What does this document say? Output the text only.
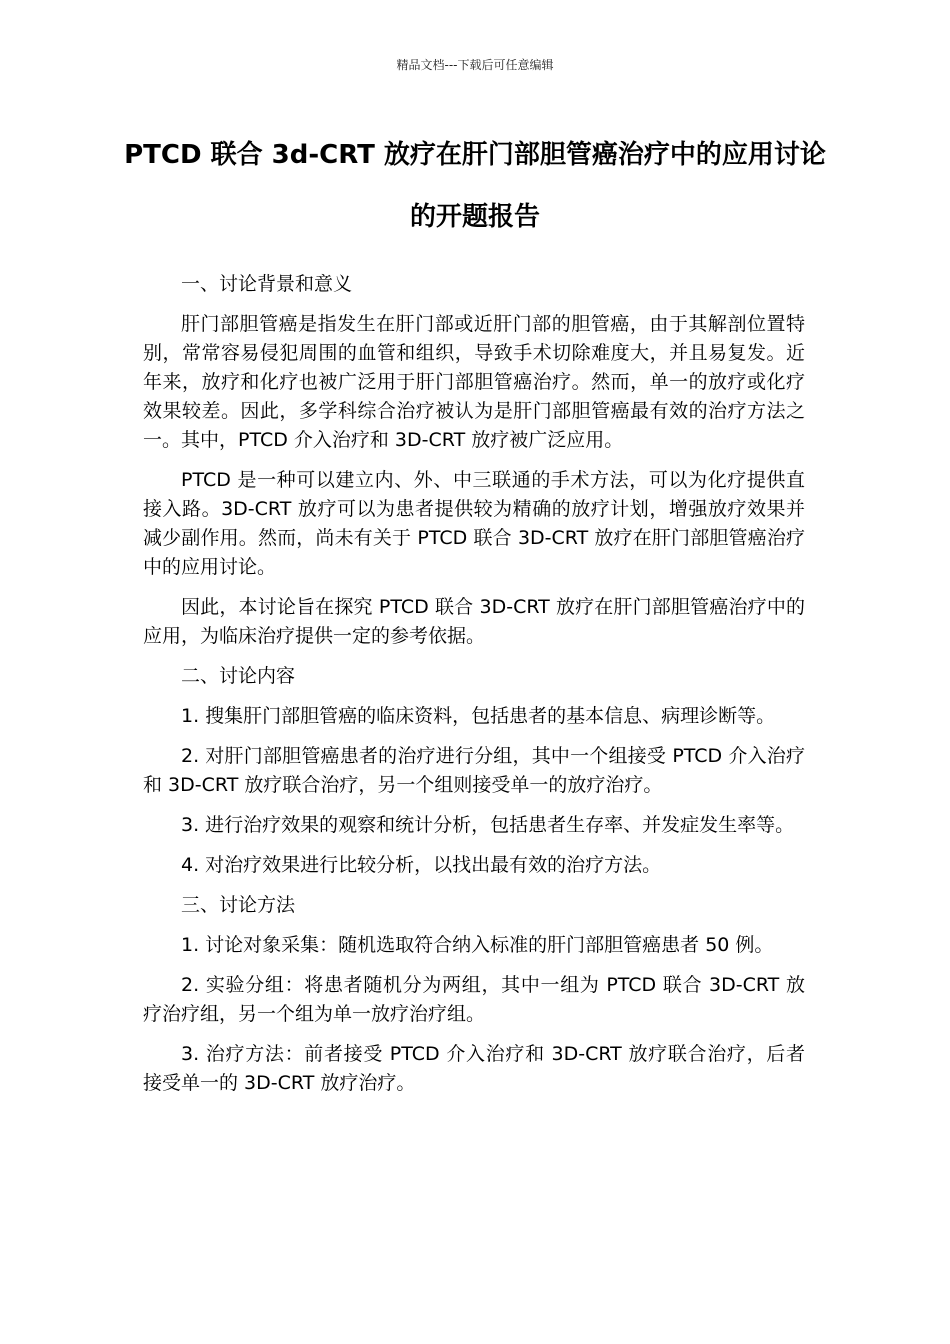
精品文档---下载后可任意编辑
PTCD 联合 3d-CRT 放疗在肝门部胆管癌治疗中的应用讨论的开题报告

一、讨论背景和意义

肝门部胆管癌是指发生在肝门部或近肝门部的胆管癌，由于其解剖位置特别，常常容易侵犯周围的血管和组织，导致手术切除难度大，并且易复发。近年来，放疗和化疗也被广泛用于肝门部胆管癌治疗。然而，单一的放疗或化疗效果较差。因此，多学科综合治疗被认为是肝门部胆管癌最有效的治疗方法之一。其中，PTCD 介入治疗和 3D-CRT 放疗被广泛应用。

PTCD 是一种可以建立内、外、中三联通的手术方法，可以为化疗提供直接入路。3D-CRT 放疗可以为患者提供较为精确的放疗计划，增强放疗效果并减少副作用。然而，尚未有关于 PTCD 联合 3D-CRT 放疗在肝门部胆管癌治疗中的应用讨论。

因此，本讨论旨在探究 PTCD 联合 3D-CRT 放疗在肝门部胆管癌治疗中的应用，为临床治疗提供一定的参考依据。

二、讨论内容

1. 搜集肝门部胆管癌的临床资料，包括患者的基本信息、病理诊断等。

2. 对肝门部胆管癌患者的治疗进行分组，其中一个组接受 PTCD 介入治疗和 3D-CRT 放疗联合治疗，另一个组则接受单一的放疗治疗。

3. 进行治疗效果的观察和统计分析，包括患者生存率、并发症发生率等。

4. 对治疗效果进行比较分析，以找出最有效的治疗方法。

三、讨论方法

1. 讨论对象采集：随机选取符合纳入标准的肝门部胆管癌患者 50 例。

2. 实验分组：将患者随机分为两组，其中一组为 PTCD 联合 3D-CRT 放疗治疗组，另一个组为单一放疗治疗组。

3. 治疗方法：前者接受 PTCD 介入治疗和 3D-CRT 放疗联合治疗，后者接受单一的 3D-CRT 放疗治疗。
